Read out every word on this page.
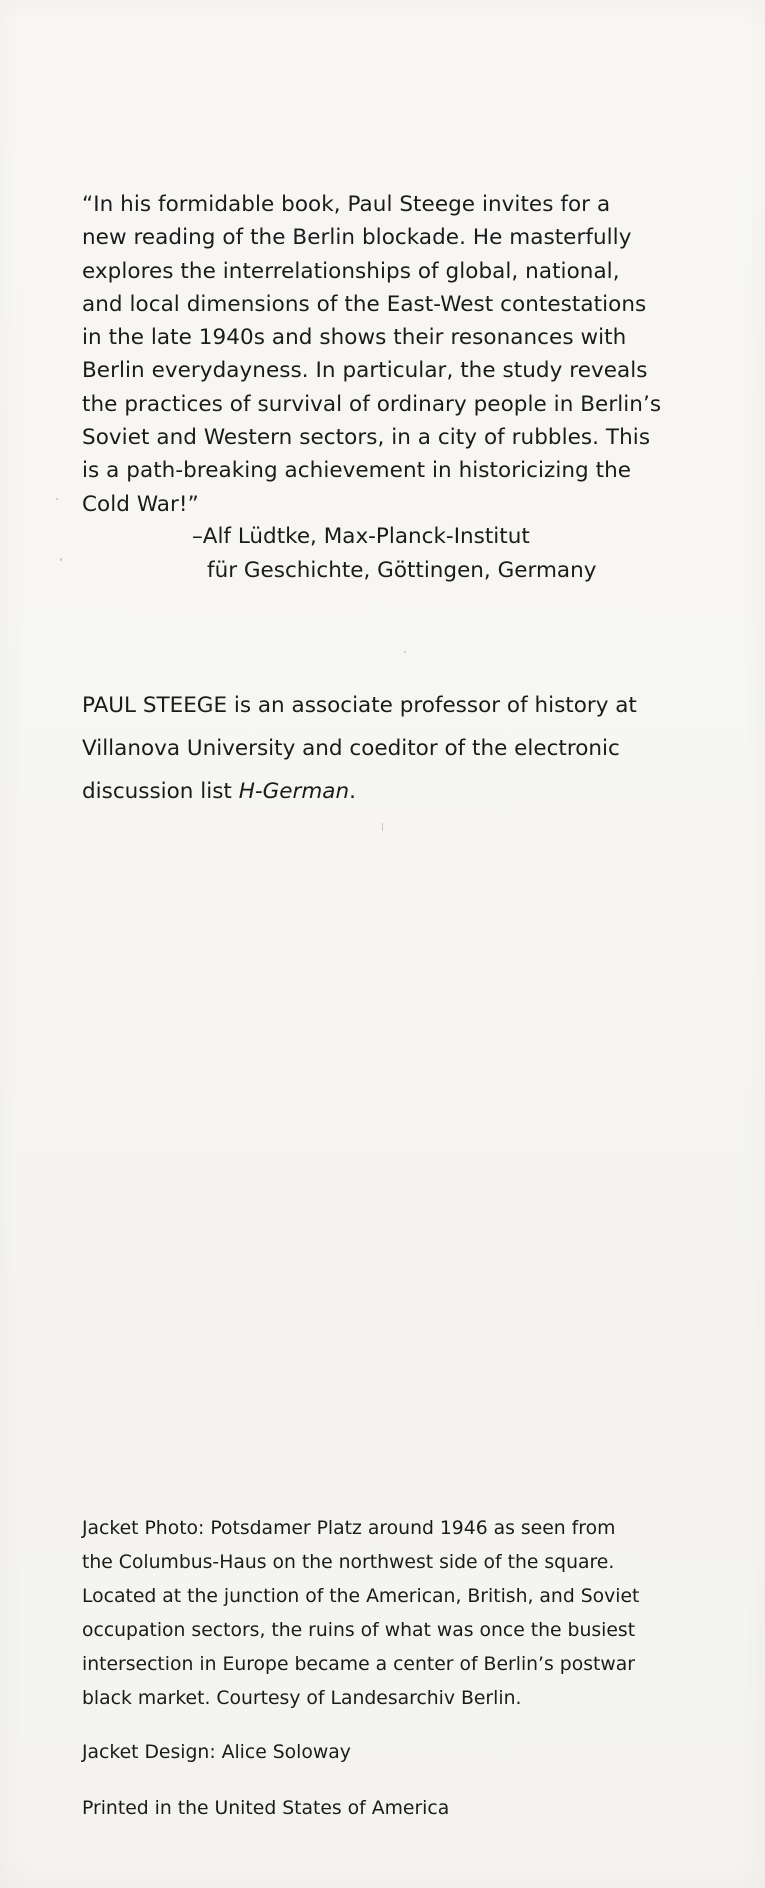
“In his formidable book, Paul Steege invites for a
new reading of the Berlin blockade. He masterfully
explores the interrelationships of global, national,
and local dimensions of the East-West contestations
in the late 1940s and shows their resonances with
Berlin everydayness. In particular, the study reveals
the practices of survival of ordinary people in Berlin’s
Soviet and Western sectors, in a city of rubbles. This
is a path-breaking achievement in historicizing the
Cold War!”
–Alf Lüdtke, Max-Planck-Institut
für Geschichte, Göttingen, Germany
PAUL STEEGE is an associate professor of history at
Villanova University and coeditor of the electronic
discussion list H-German.
Jacket Photo: Potsdamer Platz around 1946 as seen from
the Columbus-Haus on the northwest side of the square.
Located at the junction of the American, British, and Soviet
occupation sectors, the ruins of what was once the busiest
intersection in Europe became a center of Berlin’s postwar
black market. Courtesy of Landesarchiv Berlin.
Jacket Design: Alice Soloway
Printed in the United States of America
